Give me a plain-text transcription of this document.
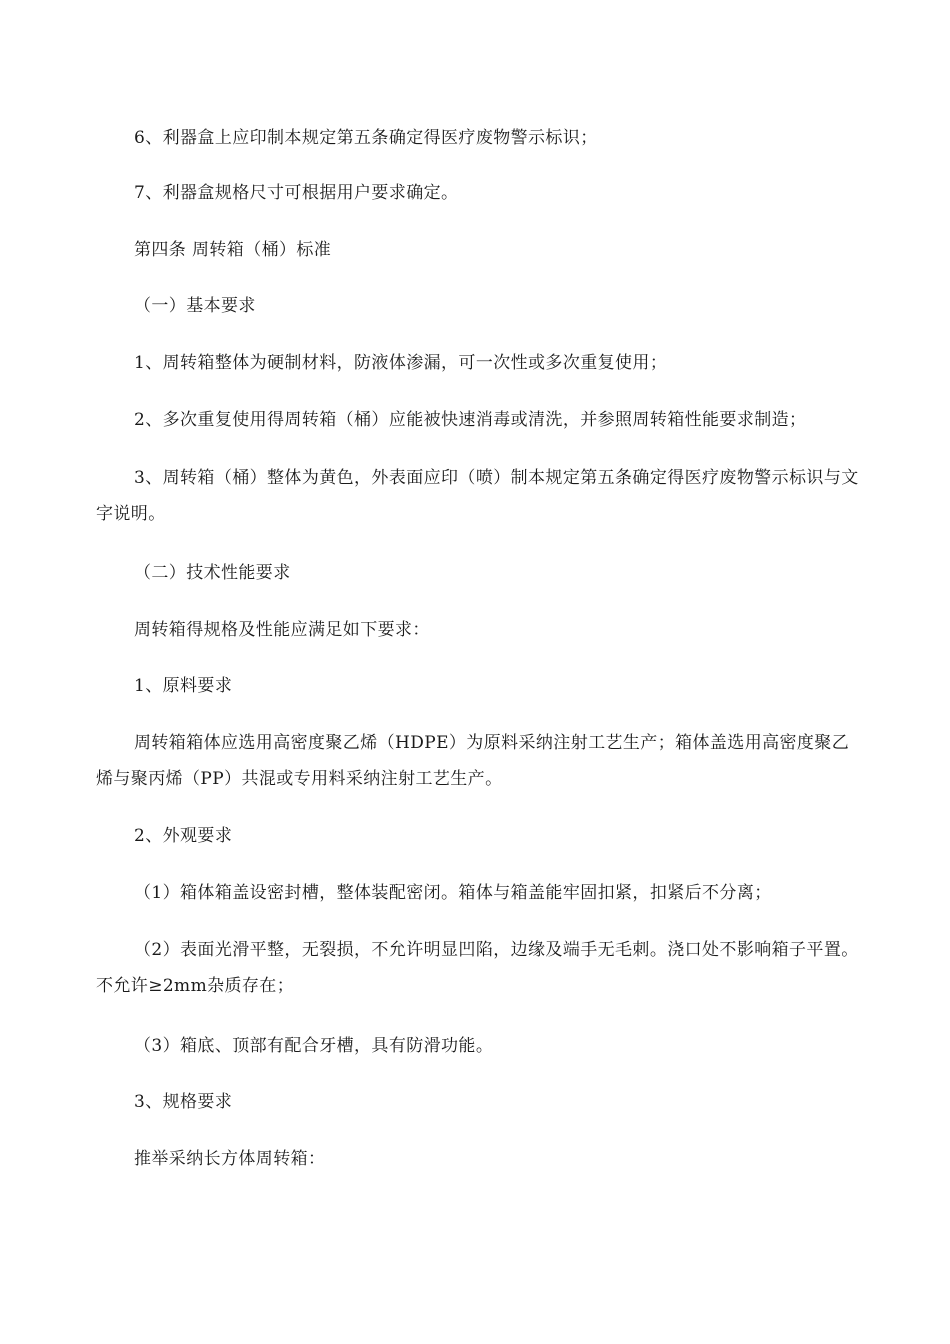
6、利器盒上应印制本规定第五条确定得医疗废物警示标识；

7、利器盒规格尺寸可根据用户要求确定。

第四条 周转箱（桶）标准

（一）基本要求

1、周转箱整体为硬制材料，防液体渗漏，可一次性或多次重复使用；

2、多次重复使用得周转箱（桶）应能被快速消毒或清洗，并参照周转箱性能要求制造；

3、周转箱（桶）整体为黄色，外表面应印（喷）制本规定第五条确定得医疗废物警示标识与文字说明。

（二）技术性能要求

周转箱得规格及性能应满足如下要求：

1、原料要求

周转箱箱体应选用高密度聚乙烯（HDPE）为原料采纳注射工艺生产；箱体盖选用高密度聚乙烯与聚丙烯（PP）共混或专用料采纳注射工艺生产。

2、外观要求

（1）箱体箱盖设密封槽，整体装配密闭。箱体与箱盖能牢固扣紧，扣紧后不分离；

（2）表面光滑平整，无裂损，不允许明显凹陷，边缘及端手无毛刺。浇口处不影响箱子平置。不允许≥2mm杂质存在；

（3）箱底、顶部有配合牙槽，具有防滑功能。

3、规格要求

推举采纳长方体周转箱：
